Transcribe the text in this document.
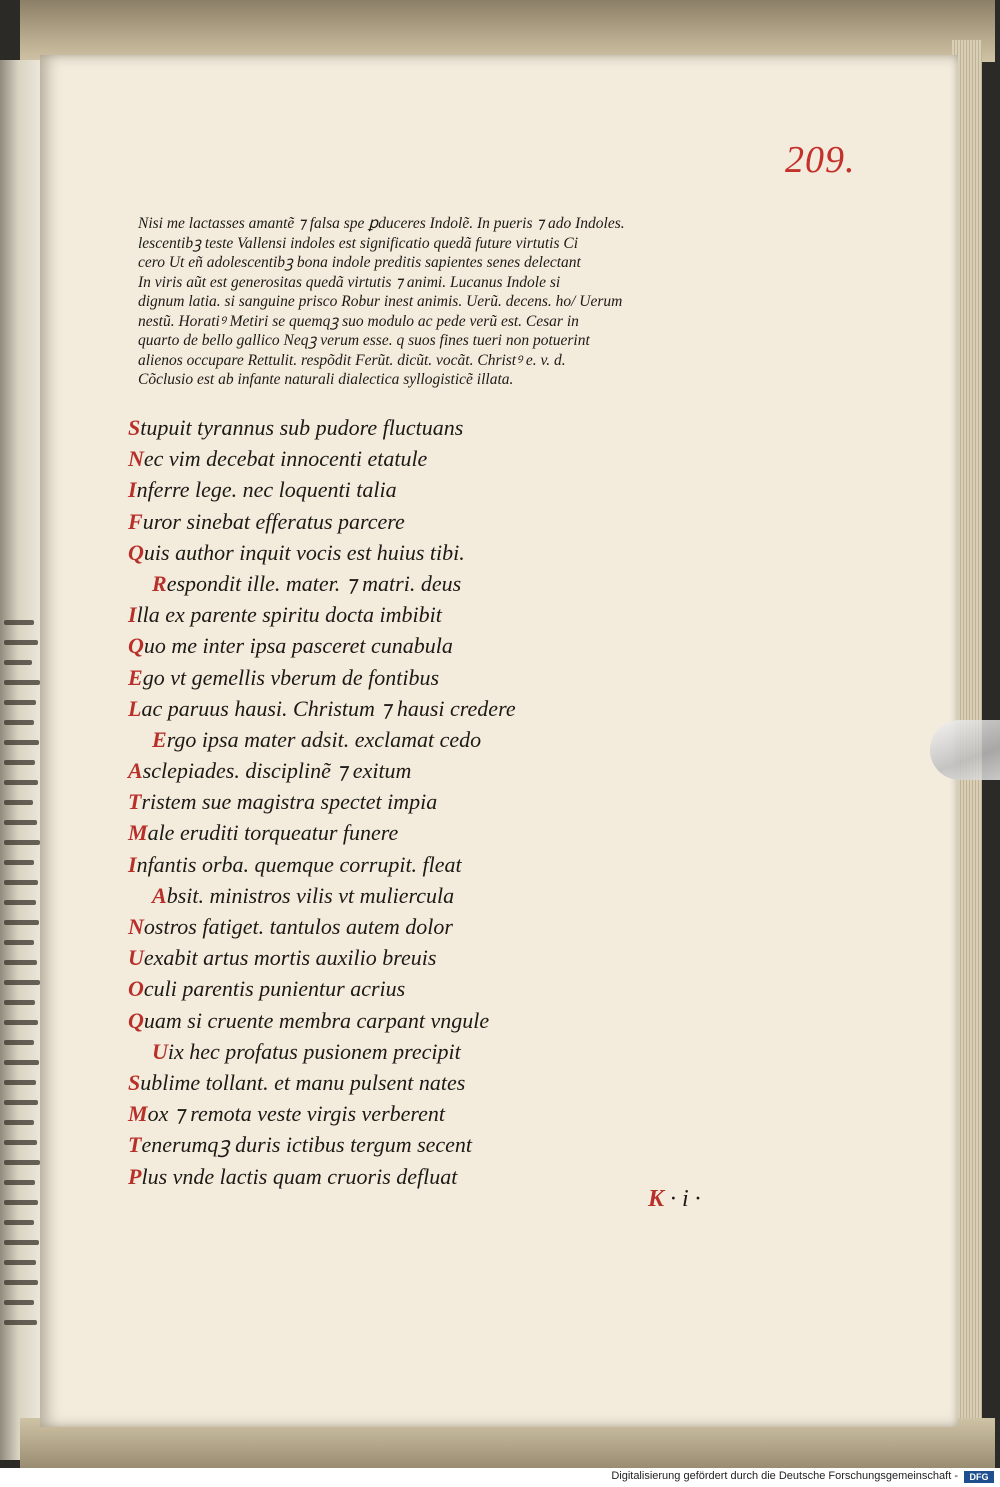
209.
Nisi me lactasses amantẽ ⁊ falsa spe ꝑduceres Indolẽ. In pueris ⁊ ado Indoles.
lescentibꝫ teste Vallensi indoles est significatio quedã future virtutis Ci
cero Ut eñ adolescentibꝫ bona indole preditis sapientes senes delectant
In viris aũt est generositas quedã virtutis ⁊ animi. Lucanus Indole si
dignum latia. si sanguine prisco Robur inest animis. Uerũ. decens. ho/ Uerum
nestũ. Horatiꝰ Metiri se quemqꝫ suo modulo ac pede verũ est. Cesar in
quarto de bello gallico Neqꝫ verum esse. q suos fines tueri non potuerint
alienos occupare Rettulit. respõdit Ferũt. dicũt. vocãt. Christꝰ e. v. d.
Cõclusio est ab infante naturali dialectica syllogisticẽ illata.
Stupuit tyrannus sub pudore fluctuans
Nec vim decebat innocenti etatule
Inferre lege. nec loquenti talia
Furor sinebat efferatus parcere
Quis author inquit vocis est huius tibi.
Respondit ille. mater. ⁊ matri. deus
Illa ex parente spiritu docta imbibit
Quo me inter ipsa pasceret cunabula
Ego vt gemellis vberum de fontibus
Lac paruus hausi. Christum ⁊ hausi credere
Ergo ipsa mater adsit. exclamat cedo
Asclepiades. disciplinẽ ⁊ exitum
Tristem sue magistra spectet impia
Male eruditi torqueatur funere
Infantis orba. quemque corrupit. fleat
Absit. ministros vilis vt muliercula
Nostros fatiget. tantulos autem dolor
Uexabit artus mortis auxilio breuis
Oculi parentis punientur acrius
Quam si cruente membra carpant vngule
Uix hec profatus pusionem precipit
Sublime tollant. et manu pulsent nates
Mox ⁊ remota veste virgis verberent
Tenerumqꝫ duris ictibus tergum secent
Plus vnde lactis quam cruoris defluat
K · i ·
Digitalisierung gefördert durch die Deutsche Forschungsgemeinschaft -	DFG
